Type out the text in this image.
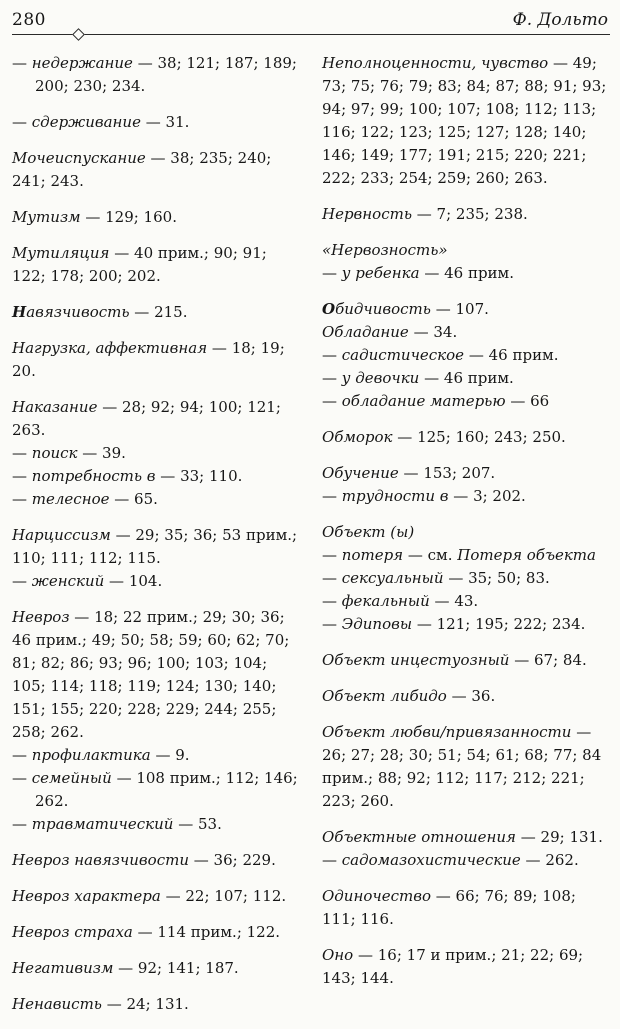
280	Ф. Дольто

— недержание — 38; 121; 187; 189; 200; 230; 234.

— сдерживание — 31.

Мочеиспускание — 38; 235; 240; 241; 243.

Мутизм — 129; 160.

Мутиляция — 40 прим.; 90; 91; 122; 178; 200; 202.

Навязчивость — 215.

Нагрузка, аффективная — 18; 19; 20.

Наказание — 28; 92; 94; 100; 121; 263.

— поиск — 39.

— потребность в — 33; 110.

— телесное — 65.

Нарциссизм — 29; 35; 36; 53 прим.; 110; 111; 112; 115.

— женский — 104.

Невроз — 18; 22 прим.; 29; 30; 36; 46 прим.; 49; 50; 58; 59; 60; 62; 70; 81; 82; 86; 93; 96; 100; 103; 104; 105; 114; 118; 119; 124; 130; 140; 151; 155; 220; 228; 229; 244; 255; 258; 262.

— профилактика — 9.

— семейный — 108 прим.; 112; 146; 262.

— травматический — 53.

Невроз навязчивости — 36; 229.

Невроз характера — 22; 107; 112.

Невроз страха — 114 прим.; 122.

Негативизм — 92; 141; 187.

Ненависть — 24; 131.

Неполноценности, чувство — 49; 73; 75; 76; 79; 83; 84; 87; 88; 91; 93; 94; 97; 99; 100; 107; 108; 112; 113; 116; 122; 123; 125; 127; 128; 140; 146; 149; 177; 191; 215; 220; 221; 222; 233; 254; 259; 260; 263.

Нервность — 7; 235; 238.

«Нервозность»

— у ребенка — 46 прим.

Обидчивость — 107.

Обладание — 34.

— садистическое — 46 прим.

— у девочки — 46 прим.

— обладание матерью — 66

Обморок — 125; 160; 243; 250.

Обучение — 153; 207.

— трудности в — 3; 202.

Объект (ы)

— потеря — см. Потеря объекта

— сексуальный — 35; 50; 83.

— фекальный — 43.

— Эдиповы — 121; 195; 222; 234.

Объект инцестуозный — 67; 84.

Объект либидо — 36.

Объект любви/привязанности — 26; 27; 28; 30; 51; 54; 61; 68; 77; 84 прим.; 88; 92; 112; 117; 212; 221; 223; 260.

Объектные отношения — 29; 131.

— садомазохистические — 262.

Одиночество — 66; 76; 89; 108; 111; 116.

Оно — 16; 17 и прим.; 21; 22; 69; 143; 144.
